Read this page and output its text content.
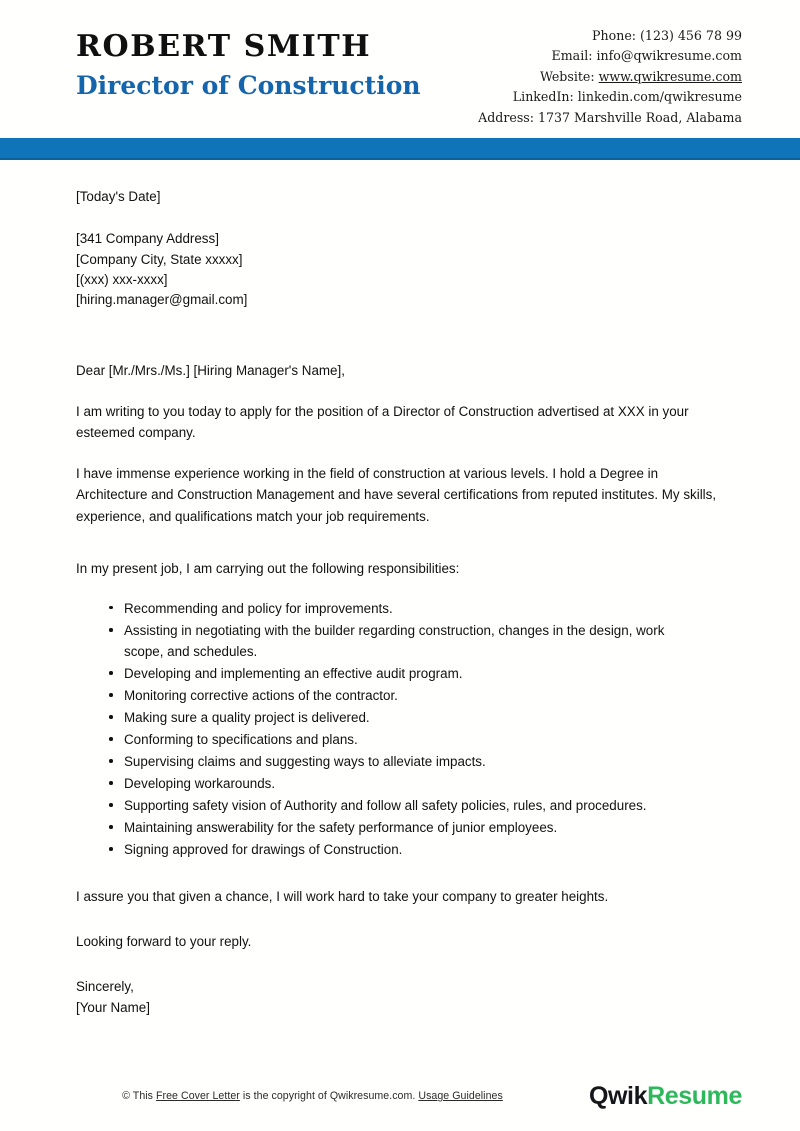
ROBERT SMITH
Director of Construction
Phone: (123) 456 78 99
Email: info@qwikresume.com
Website: www.qwikresume.com
LinkedIn: linkedin.com/qwikresume
Address: 1737 Marshville Road, Alabama
[Today's Date]
[341 Company Address]
[Company City, State xxxxx]
[(xxx) xxx-xxxx]
[hiring.manager@gmail.com]
Dear [Mr./Mrs./Ms.] [Hiring Manager's Name],
I am writing to you today to apply for the position of a Director of Construction advertised at XXX in your esteemed company.
I have immense experience working in the field of construction at various levels. I hold a Degree in Architecture and Construction Management and have several certifications from reputed institutes. My skills, experience, and qualifications match your job requirements.
In my present job, I am carrying out the following responsibilities:
Recommending and policy for improvements.
Assisting in negotiating with the builder regarding construction, changes in the design, work scope, and schedules.
Developing and implementing an effective audit program.
Monitoring corrective actions of the contractor.
Making sure a quality project is delivered.
Conforming to specifications and plans.
Supervising claims and suggesting ways to alleviate impacts.
Developing workarounds.
Supporting safety vision of Authority and follow all safety policies, rules, and procedures.
Maintaining answerability for the safety performance of junior employees.
Signing approved for drawings of Construction.
I assure you that given a chance, I will work hard to take your company to greater heights.
Looking forward to your reply.
Sincerely,
[Your Name]
© This Free Cover Letter is the copyright of Qwikresume.com. Usage Guidelines	QwikResume
